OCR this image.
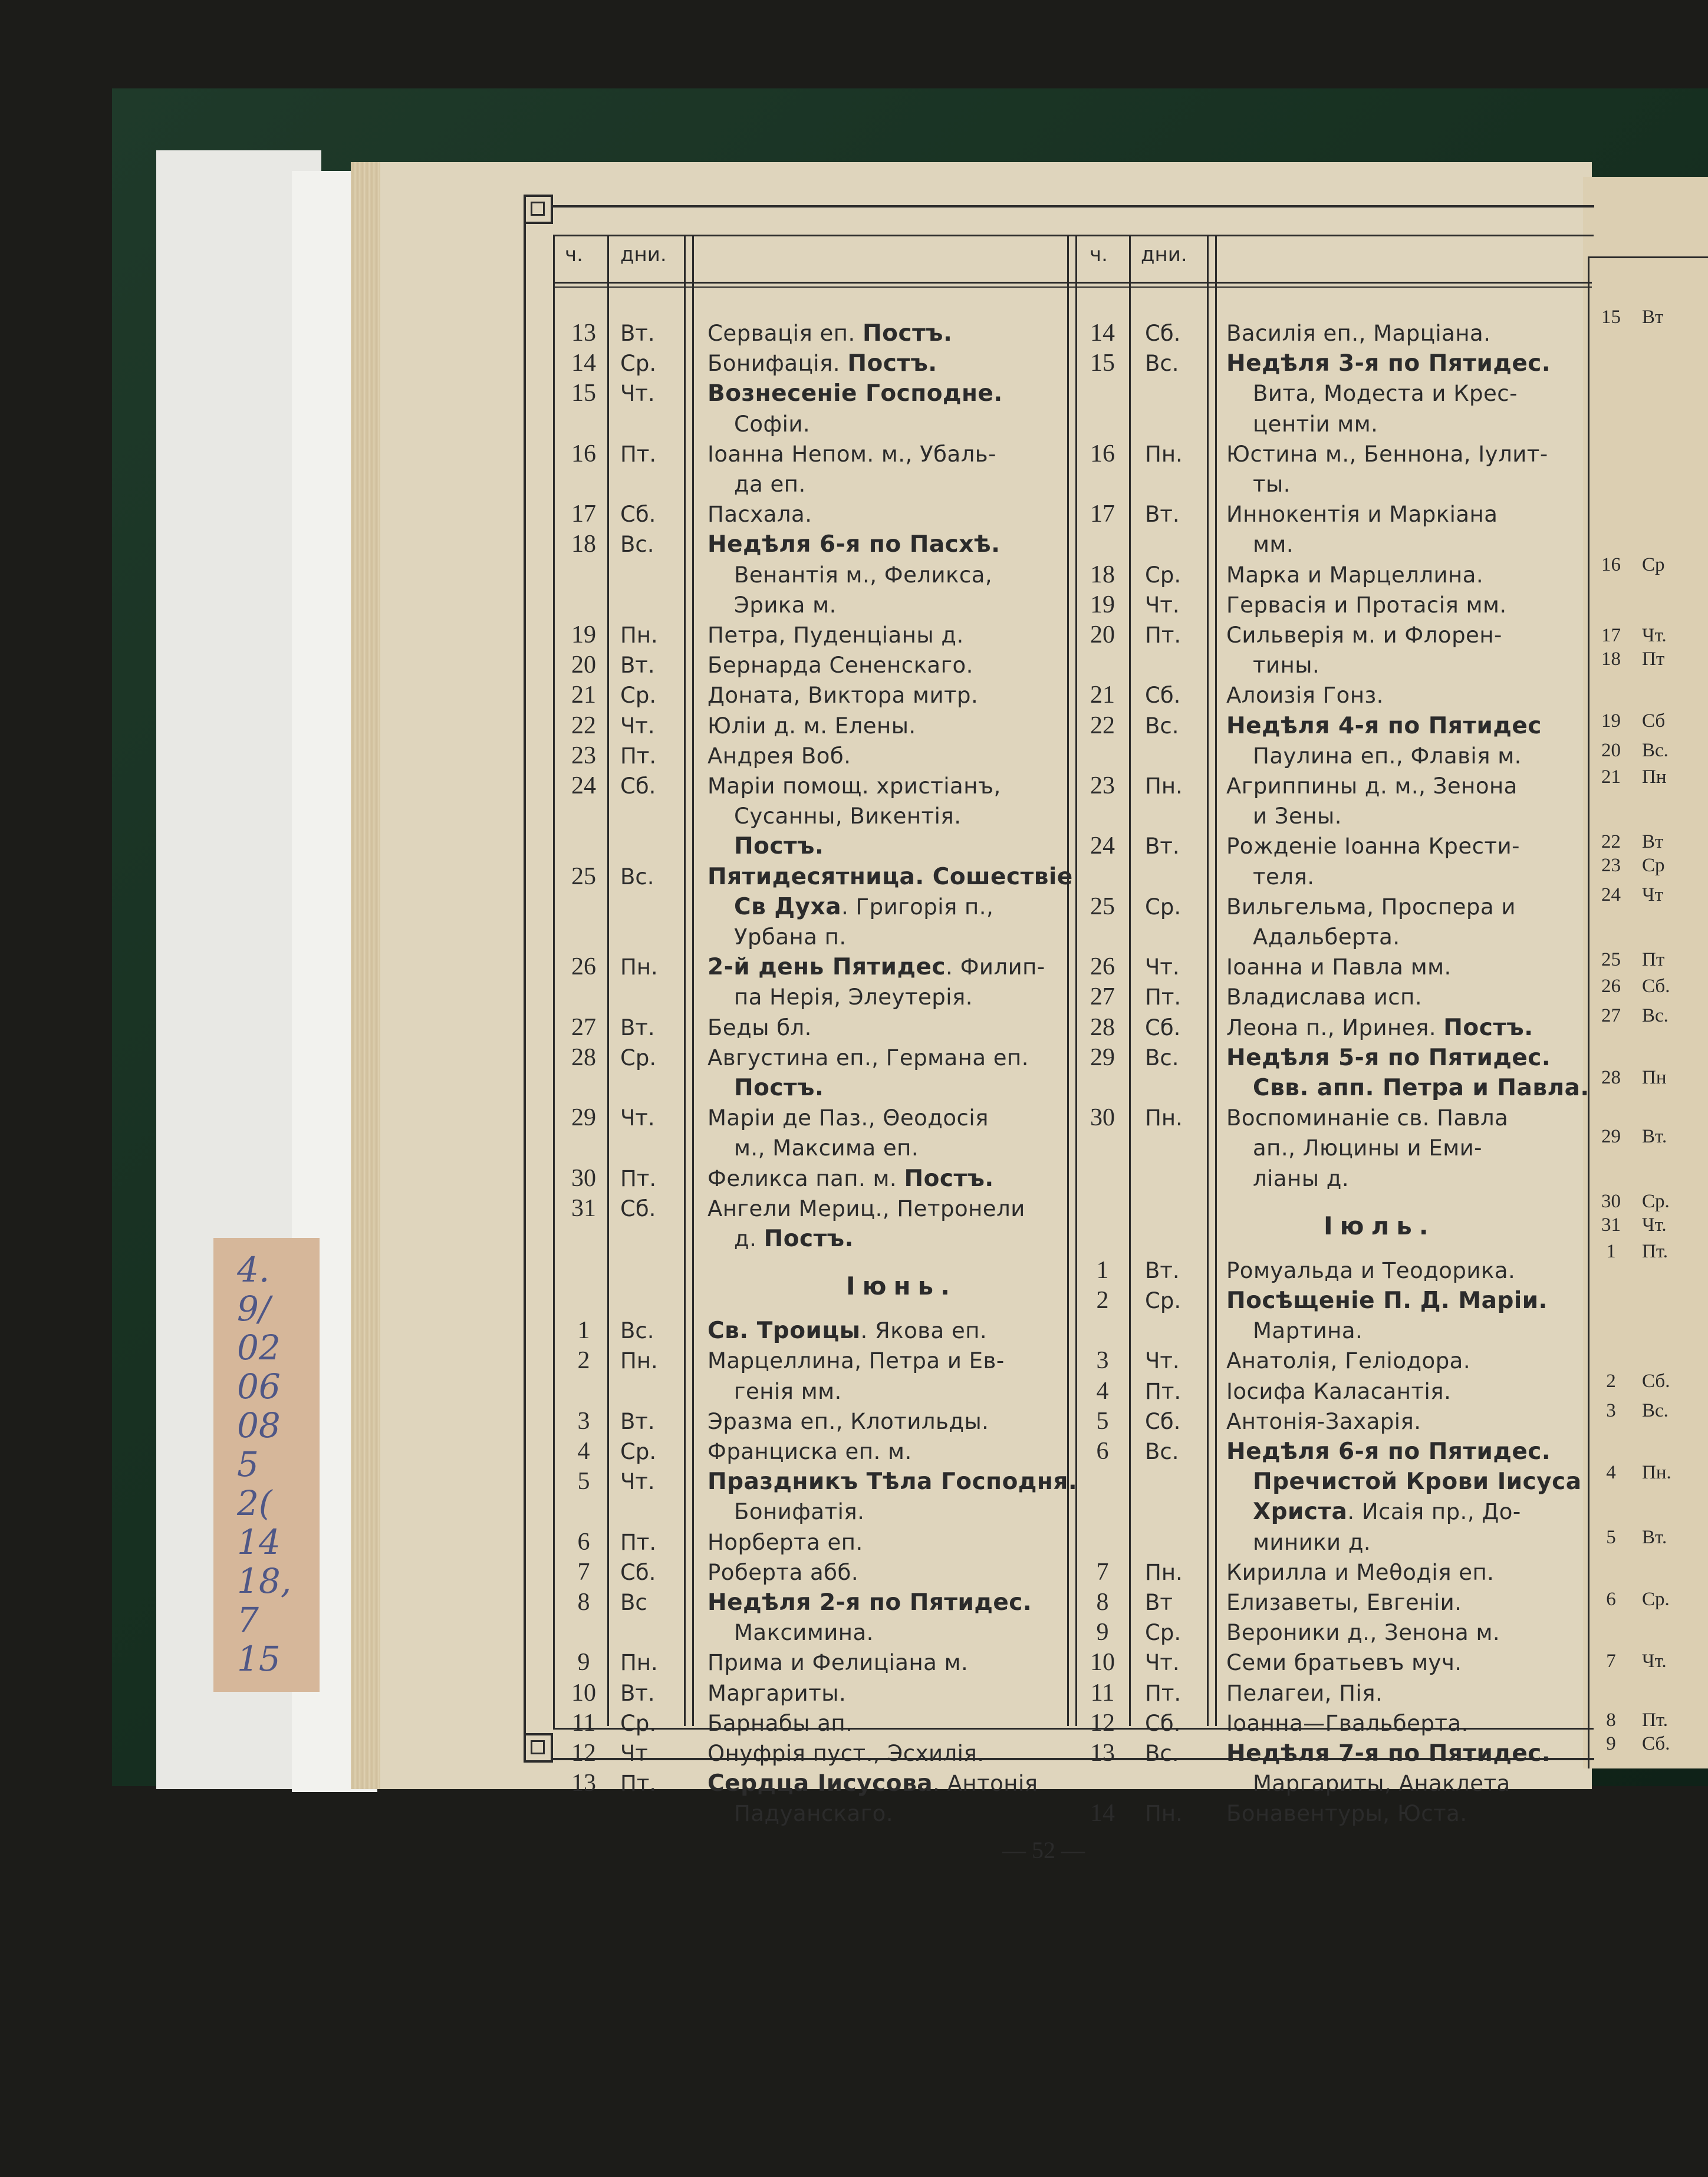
4.
9/
02
06
08
5
2(
14
18,
7
15
15 Вт
16 Ср
17 Чт.
18 Пт
19 Сб
20 Вс.
21 Пн
22 Вт
23 Ср
24 Чт
25 Пт
26 Сб.
27 Вс.
28 Пн
29 Вт.
30 Ср.
31 Чт.
1 Пт.
2 Сб.
3 Вс.
4 Пн.
5 Вт.
6 Ср.
7 Чт.
8 Пт.
9 Сб.
ч. дни.	ч. дни.
13	Вт. Сервація еп. Постъ.
14	Ср. Бонифація. Постъ.
15	Чт. Вознесеніе Господне.
Софіи.
16	Пт. Іоанна Непом. м., Убаль-
да еп.
17	Сб. Пасхала.
18	Вс. Недѣля 6-я по Пасхѣ.
Венантія м., Феликса,
Эрика м.
19	Пн. Петра, Пуденціаны д.
20	Вт. Бернарда Сененскаго.
21	Ср. Доната, Виктора митр.
22	Чт. Юліи д. м. Елены.
23	Пт. Андрея Воб.
24	Сб. Маріи помощ. христіанъ,
Сусанны, Викентія.
Постъ.
25	Вс. Пятидесятница. Сошествіе
Св Духа. Григорія п.,
Урбана п.
26	Пн. 2-й день Пятидес. Филип-
па Нерія, Элеутерія.
27	Вт. Беды бл.
28	Ср. Августина еп., Германа еп.
Постъ.
29	Чт. Маріи де Паз., Θеодосія
м., Максима еп.
30	Пт. Феликса пап. м. Постъ.
31	Сб. Ангели Мериц., Петронели
д. Постъ.
Іюнь.
1	Вс. Св. Троицы. Якова еп.
2	Пн. Марцеллина, Петра и Ев-
генія мм.
3	Вт. Эразма еп., Клотильды.
4	Ср. Франциска еп. м.
5	Чт. Праздникъ Тѣла Господня.
Бонифатія.
6	Пт. Норберта еп.
7	Сб. Роберта абб.
8	Вс	Недѣля 2-я по Пятидес.
Максимина.
9	Пн. Прима и Фелиціана м.
10	Вт. Маргариты.
11	Ср. Барнабы ап.
12	Чт	Онуфрія пуст., Эсхилія.
13	Пт. Сердца Іисусова. Антонія
Падуанскаго.
14	Сб. Василія еп., Марціана.
15	Вс. Недѣля 3-я по Пятидес.
Вита, Модеста и Крес-
центіи мм.
16	Пн. Юстина м., Беннона, Іулит-
ты.
17	Вт. Иннокентія и Маркіана
мм.
18	Ср. Марка и Марцеллина.
19	Чт. Гервасія и Протасія мм.
20	Пт. Сильверія м. и Флорен-
тины.
21	Сб. Алоизія Гонз.
22	Вс. Недѣля 4-я по Пятидес
Паулина еп., Флавія м.
23	Пн. Агриппины д. м., Зенона
и Зены.
24	Вт. Рожденіе Іоанна Крести-
теля.
25	Ср. Вильгельма, Проспера и
Адальберта.
26	Чт. Іоанна и Павла мм.
27	Пт. Владислава исп.
28	Сб. Леона п., Иринея. Постъ.
29	Вс. Недѣля 5-я по Пятидес.
Свв. апп. Петра и Павла.
30	Пн. Воспоминаніе св. Павла
ап., Люцины и Еми-
ліаны д.
Іюль.
1	Вт. Ромуальда и Теодорика.
2	Ср. Посѣщеніе П. Д. Маріи.
Мартина.
3	Чт. Анатолія, Геліодора.
4	Пт. Іосифа Каласантія.
5	Сб. Антонія-Захарія.
6	Вс. Недѣля 6-я по Пятидес.
Пречистой Крови Іисуса
Христа. Исаія пр., До-
миники д.
7	Пн. Кирилла и Меθодія еп.
8	Вт Елизаветы, Евгеніи.
9	Ср. Вероники д., Зенона м.
10	Чт. Семи братьевъ муч.
11	Пт. Пелагеи, Пія.
12	Сб. Іоанна—Гвальберта.
13	Вс. Недѣля 7-я по Пятидес.
Маргариты, Анаклета
14	Пн. Бонавентуры, Юста.
— 52 —
